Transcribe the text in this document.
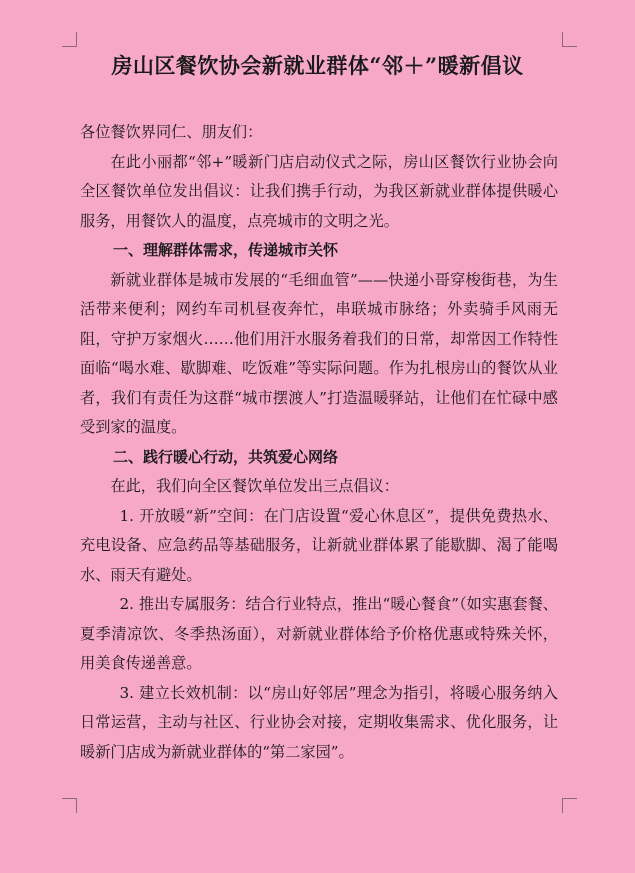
房山区餐饮协会新就业群体“邻＋”暖新倡议

各位餐饮界同仁、朋友们：

在此小丽都“邻+”暖新门店启动仪式之际，房山区餐饮行业协会向全区餐饮单位发出倡议：让我们携手行动，为我区新就业群体提供暖心服务，用餐饮人的温度，点亮城市的文明之光。

一、理解群体需求，传递城市关怀

新就业群体是城市发展的“毛细血管”——快递小哥穿梭街巷，为生活带来便利；网约车司机昼夜奔忙，串联城市脉络；外卖骑手风雨无阻，守护万家烟火……他们用汗水服务着我们的日常，却常因工作特性面临“喝水难、歇脚难、吃饭难”等实际问题。作为扎根房山的餐饮从业者，我们有责任为这群“城市摆渡人”打造温暖驿站，让他们在忙碌中感受到家的温度。

二、践行暖心行动，共筑爱心网络

在此，我们向全区餐饮单位发出三点倡议：

1. 开放暖“新”空间：在门店设置“爱心休息区”，提供免费热水、充电设备、应急药品等基础服务，让新就业群体累了能歇脚、渴了能喝水、雨天有避处。

2. 推出专属服务：结合行业特点，推出“暖心餐食”（如实惠套餐、夏季清凉饮、冬季热汤面），对新就业群体给予价格优惠或特殊关怀，用美食传递善意。

3. 建立长效机制：以“房山好邻居”理念为指引，将暖心服务纳入日常运营，主动与社区、行业协会对接，定期收集需求、优化服务，让暖新门店成为新就业群体的“第二家园”。
